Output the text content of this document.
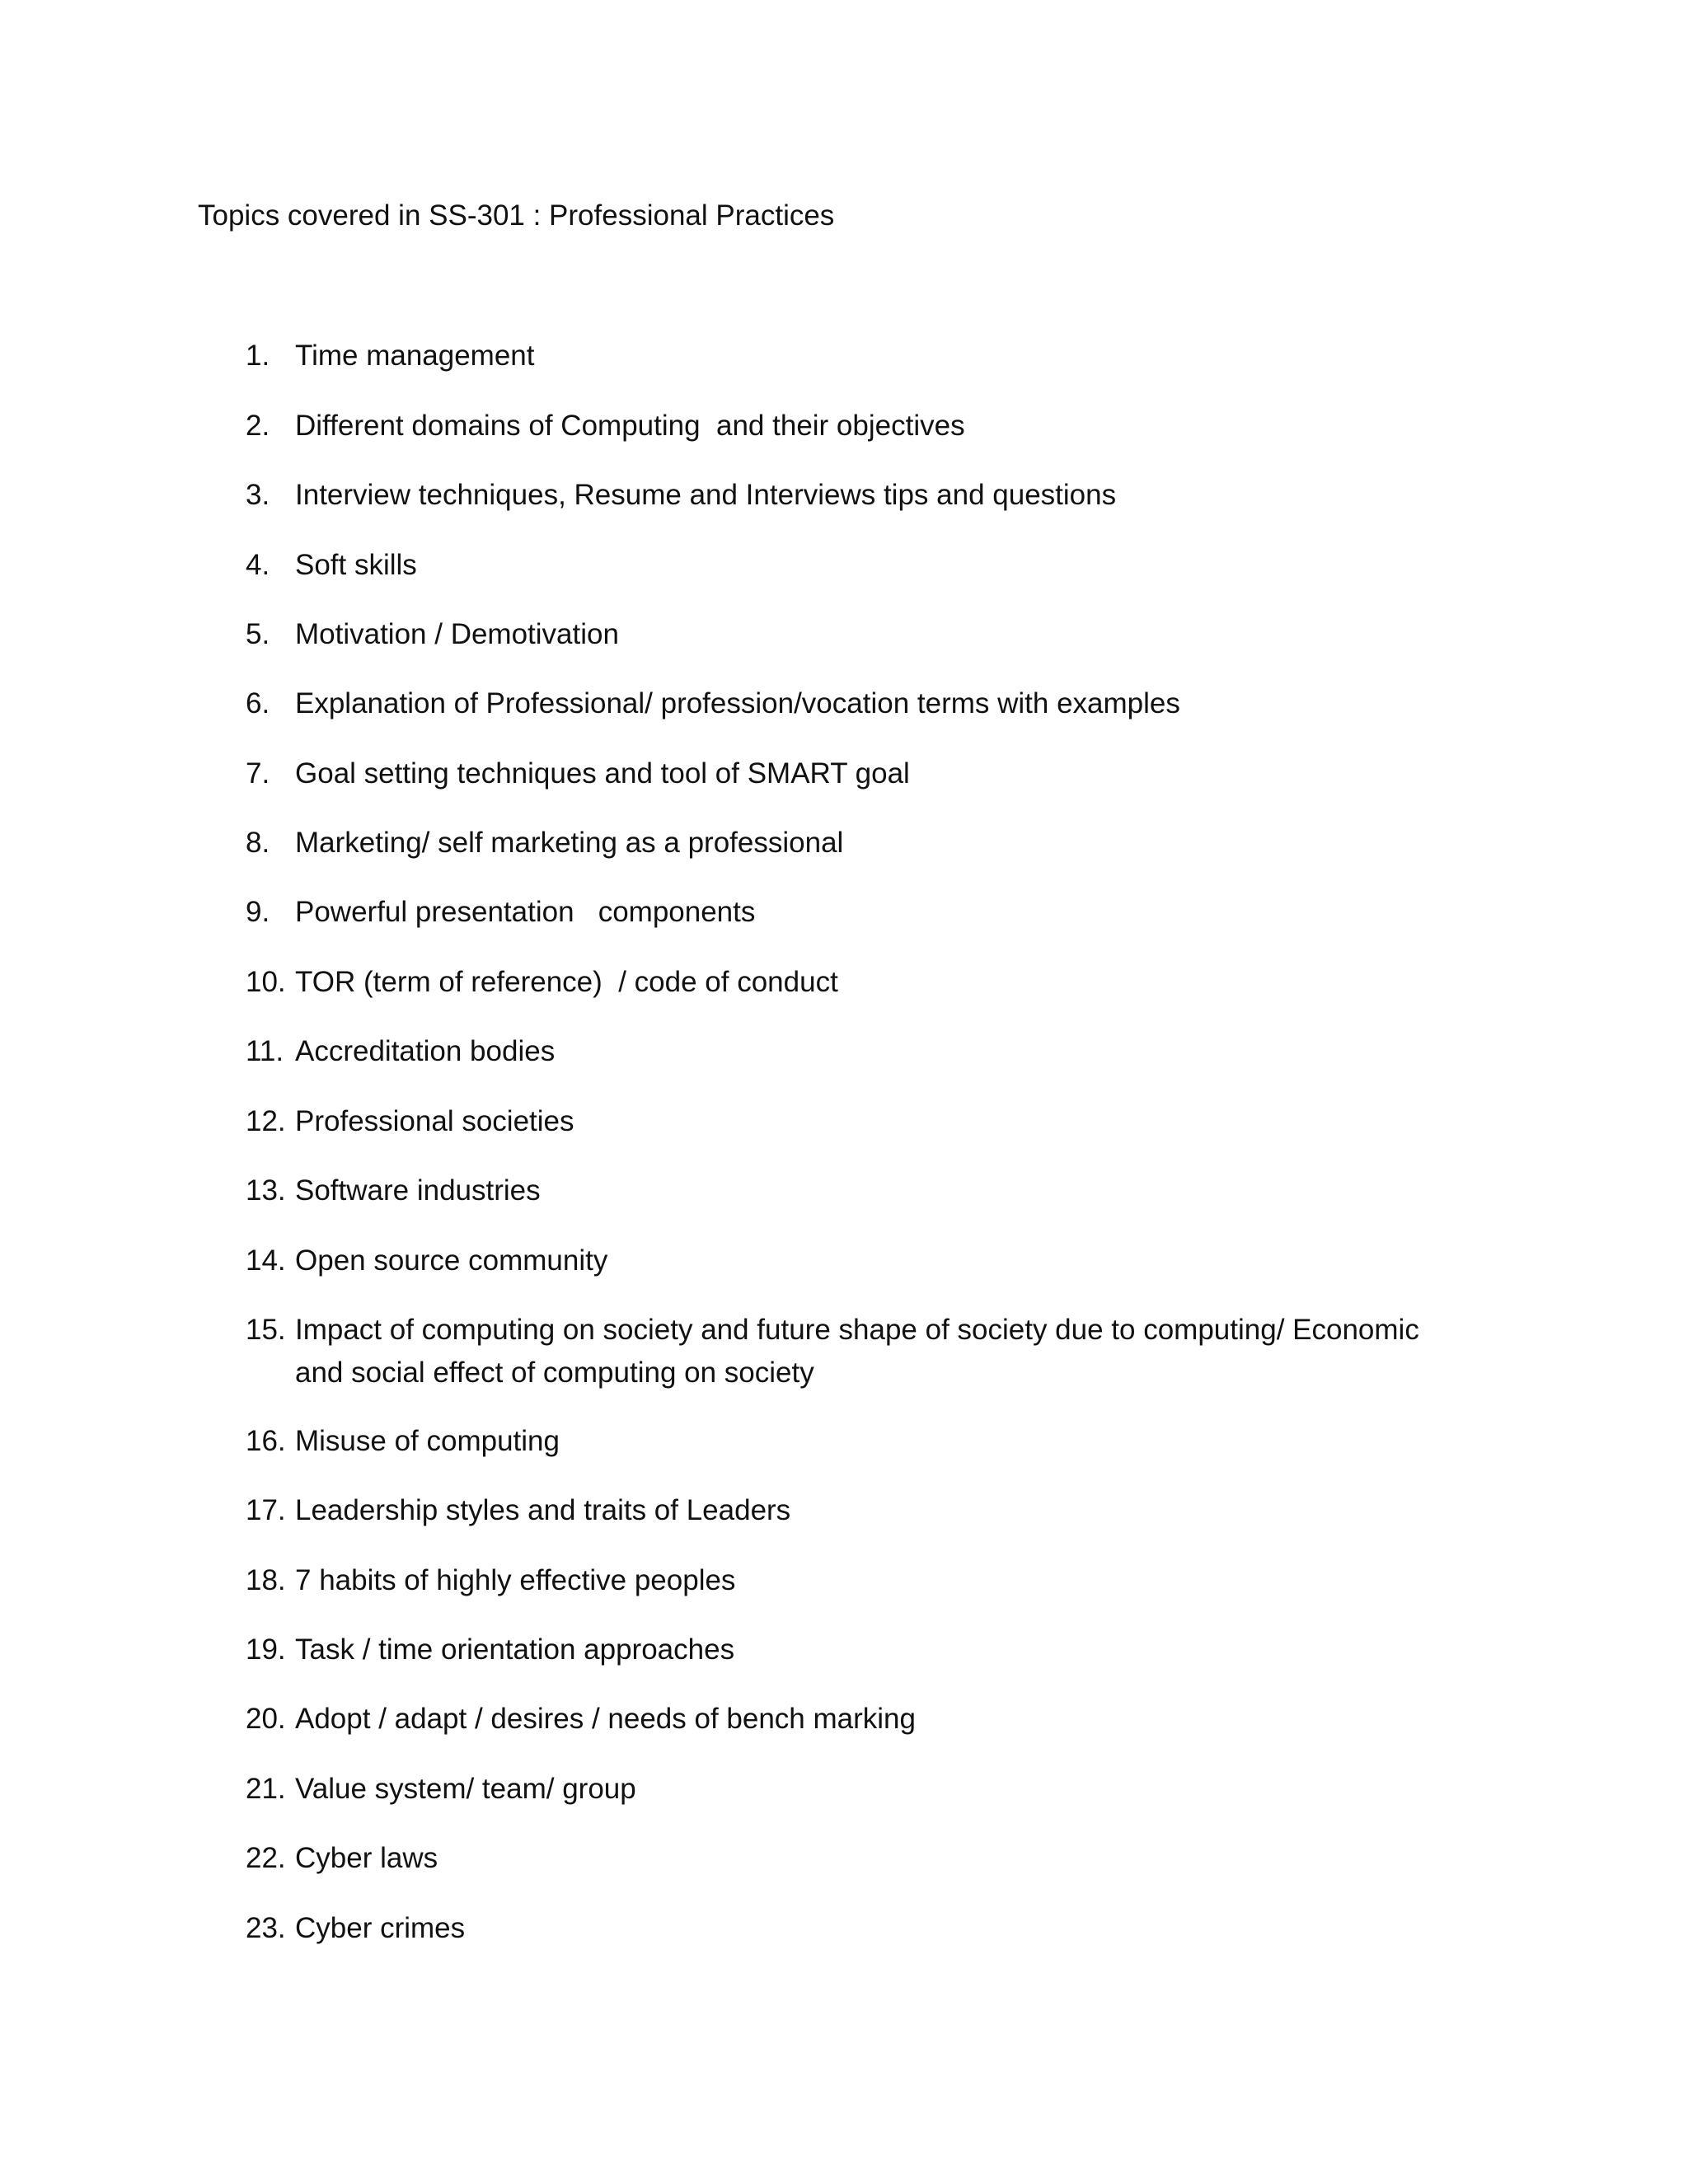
Topics covered in SS-301 : Professional Practices
1. Time management
2. Different domains of Computing  and their objectives
3. Interview techniques, Resume and Interviews tips and questions
4. Soft skills
5. Motivation / Demotivation
6. Explanation of Professional/ profession/vocation terms with examples
7. Goal setting techniques and tool of SMART goal
8. Marketing/ self marketing as a professional
9. Powerful presentation   components
10. TOR (term of reference)  / code of conduct
11. Accreditation bodies
12. Professional societies
13. Software industries
14. Open source community
15. Impact of computing on society and future shape of society due to computing/ Economic and social effect of computing on society
16. Misuse of computing
17. Leadership styles and traits of Leaders
18. 7 habits of highly effective peoples
19. Task / time orientation approaches
20. Adopt / adapt / desires / needs of bench marking
21. Value system/ team/ group
22. Cyber laws
23. Cyber crimes
